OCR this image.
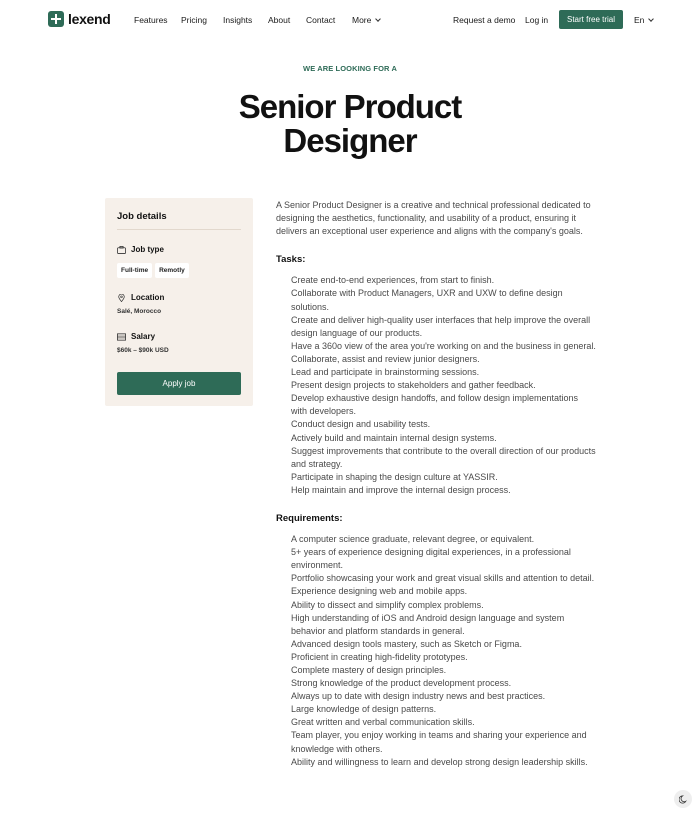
lexend	Features Pricing Insights About Contact More	Request a demo Log in	Start free trial	En
WE ARE LOOKING FOR A
Senior Product
Designer
Job details
Job type
Full-time	Remotly
Location
Salé, Morocco
Salary
$60k – $90k USD
Apply job

A Senior Product Designer is a creative and technical professional dedicated to designing the aesthetics, functionality, and usability of a product, ensuring it delivers an exceptional user experience and aligns with the company's goals.

Tasks:
Create end-to-end experiences, from start to finish.
Collaborate with Product Managers, UXR and UXW to define design solutions.
Create and deliver high-quality user interfaces that help improve the overall design language of our products.
Have a 360o view of the area you're working on and the business in general.
Collaborate, assist and review junior designers.
Lead and participate in brainstorming sessions.
Present design projects to stakeholders and gather feedback.
Develop exhaustive design handoffs, and follow design implementations with developers.
Conduct design and usability tests.
Actively build and maintain internal design systems.
Suggest improvements that contribute to the overall direction of our products and strategy.
Participate in shaping the design culture at YASSIR.
Help maintain and improve the internal design process.
Requirements:
A computer science graduate, relevant degree, or equivalent.
5+ years of experience designing digital experiences, in a professional environment.
Portfolio showcasing your work and great visual skills and attention to detail.
Experience designing web and mobile apps.
Ability to dissect and simplify complex problems.
High understanding of iOS and Android design language and system behavior and platform standards in general.
Advanced design tools mastery, such as Sketch or Figma.
Proficient in creating high-fidelity prototypes.
Complete mastery of design principles.
Strong knowledge of the product development process.
Always up to date with design industry news and best practices.
Large knowledge of design patterns.
Great written and verbal communication skills.
Team player, you enjoy working in teams and sharing your experience and knowledge with others.
Ability and willingness to learn and develop strong design leadership skills.
